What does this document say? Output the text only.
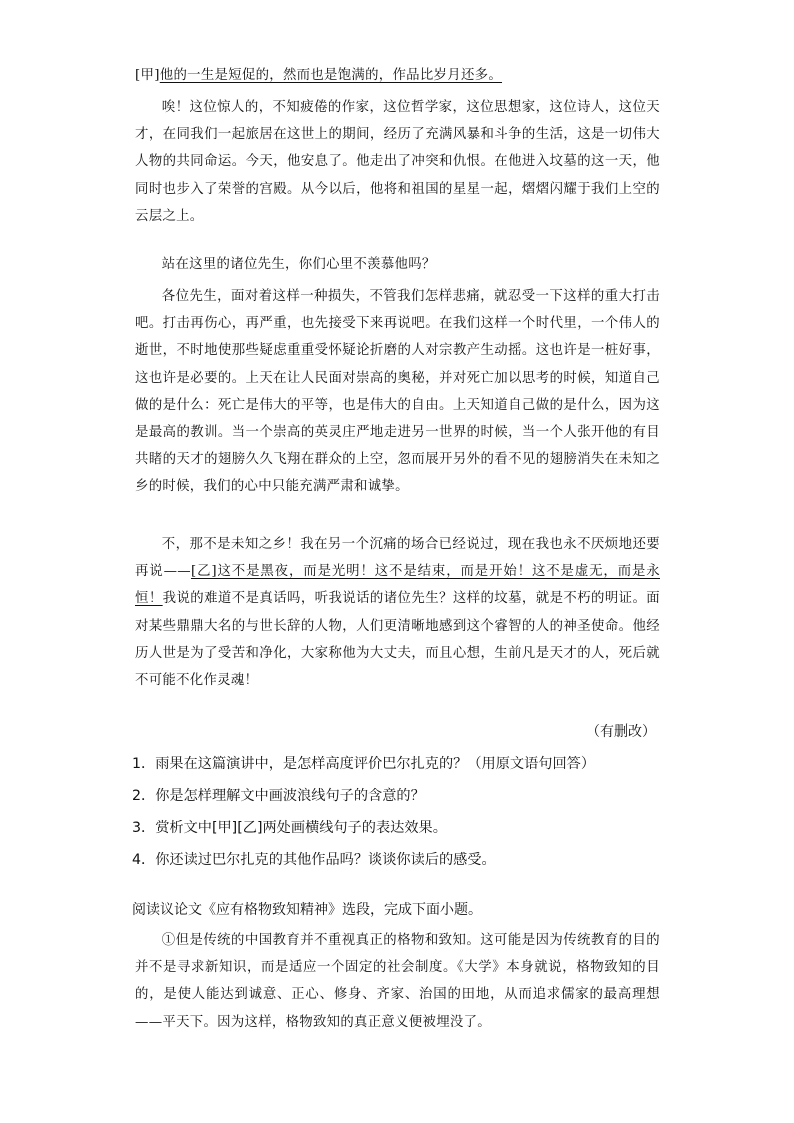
[甲]他的一生是短促的，然而也是饱满的，作品比岁月还多。

唉！这位惊人的，不知疲倦的作家，这位哲学家，这位思想家，这位诗人，这位天才，在同我们一起旅居在这世上的期间，经历了充满风暴和斗争的生活，这是一切伟大人物的共同命运。今天，他安息了。他走出了冲突和仇恨。在他进入坟墓的这一天，他同时也步入了荣誉的宫殿。从今以后，他将和祖国的星星一起，熠熠闪耀于我们上空的云层之上。

站在这里的诸位先生，你们心里不羡慕他吗？

各位先生，面对着这样一种损失，不管我们怎样悲痛，就忍受一下这样的重大打击吧。打击再伤心，再严重，也先接受下来再说吧。在我们这样一个时代里，一个伟人的逝世，不时地使那些疑虑重重受怀疑论折磨的人对宗教产生动摇。这也许是一桩好事，这也许是必要的。上天在让人民面对崇高的奥秘，并对死亡加以思考的时候，知道自己做的是什么：死亡是伟大的平等，也是伟大的自由。上天知道自己做的是什么，因为这是最高的教训。当一个崇高的英灵庄严地走进另一世界的时候，当一个人张开他的有目共睹的天才的翅膀久久飞翔在群众的上空，忽而展开另外的看不见的翅膀消失在未知之乡的时候，我们的心中只能充满严肃和诚挚。

不，那不是未知之乡！我在另一个沉痛的场合已经说过，现在我也永不厌烦地还要再说——[乙]这不是黑夜，而是光明！这不是结束，而是开始！这不是虚无，而是永恒！我说的难道不是真话吗，听我说话的诸位先生？这样的坟墓，就是不朽的明证。面对某些鼎鼎大名的与世长辞的人物，人们更清晰地感到这个睿智的人的神圣使命。他经历人世是为了受苦和净化，大家称他为大丈夫，而且心想，生前凡是天才的人，死后就不可能不化作灵魂！

（有删改）

1．雨果在这篇演讲中，是怎样高度评价巴尔扎克的？（用原文语句回答）

2．你是怎样理解文中画波浪线句子的含意的？

3．赏析文中[甲][乙]两处画横线句子的表达效果。

4．你还读过巴尔扎克的其他作品吗？谈谈你读后的感受。

阅读议论文《应有格物致知精神》选段，完成下面小题。

①但是传统的中国教育并不重视真正的格物和致知。这可能是因为传统教育的目的并不是寻求新知识，而是适应一个固定的社会制度。《大学》本身就说，格物致知的目的，是使人能达到诚意、正心、修身、齐家、治国的田地，从而追求儒家的最高理想——平天下。因为这样，格物致知的真正意义便被埋没了。
